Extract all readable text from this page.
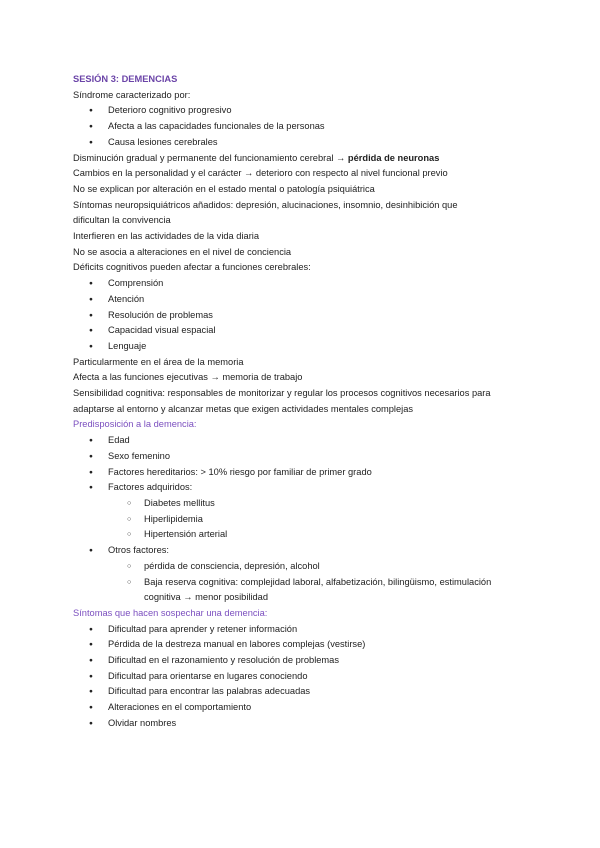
SESIÓN 3: DEMENCIAS
Síndrome caracterizado por:
● Deterioro cognitivo progresivo
● Afecta a las capacidades funcionales de la personas
● Causa lesiones cerebrales
Disminución gradual y permanente del funcionamiento cerebral → pérdida de neuronas
Cambios en la personalidad y el carácter → deterioro con respecto al nivel funcional previo
No se explican por alteración en el estado mental o patología psiquiátrica
Síntomas neuropsiquiátricos añadidos: depresión, alucinaciones, insomnio, desinhibición que dificultan la convivencia
Interfieren en las actividades de la vida diaria
No se asocia a alteraciones en el nivel de conciencia
Déficits cognitivos pueden afectar a funciones cerebrales:
● Comprensión
● Atención
● Resolución de problemas
● Capacidad visual espacial
● Lenguaje
Particularmente en el área de la memoria
Afecta a las funciones ejecutivas → memoria de trabajo
Sensibilidad cognitiva: responsables de monitorizar y regular los procesos cognitivos necesarios para adaptarse al entorno y alcanzar metas que exigen actividades mentales complejas
Predisposición a la demencia:
● Edad
● Sexo femenino
● Factores hereditarios: > 10% riesgo por familiar de primer grado
● Factores adquiridos:
○ Diabetes mellitus
○ Hiperlipidemia
○ Hipertensión arterial
● Otros factores:
○ pérdida de consciencia, depresión, alcohol
○ Baja reserva cognitiva: complejidad laboral, alfabetización, bilingüismo, estimulación cognitiva → menor posibilidad
Síntomas que hacen sospechar una demencia:
● Dificultad para aprender y retener información
● Pérdida de la destreza manual en labores complejas (vestirse)
● Dificultad en el razonamiento y resolución de problemas
● Dificultad para orientarse en lugares conociendo
● Dificultad para encontrar las palabras adecuadas
● Alteraciones en el comportamiento
● Olvidar nombres
